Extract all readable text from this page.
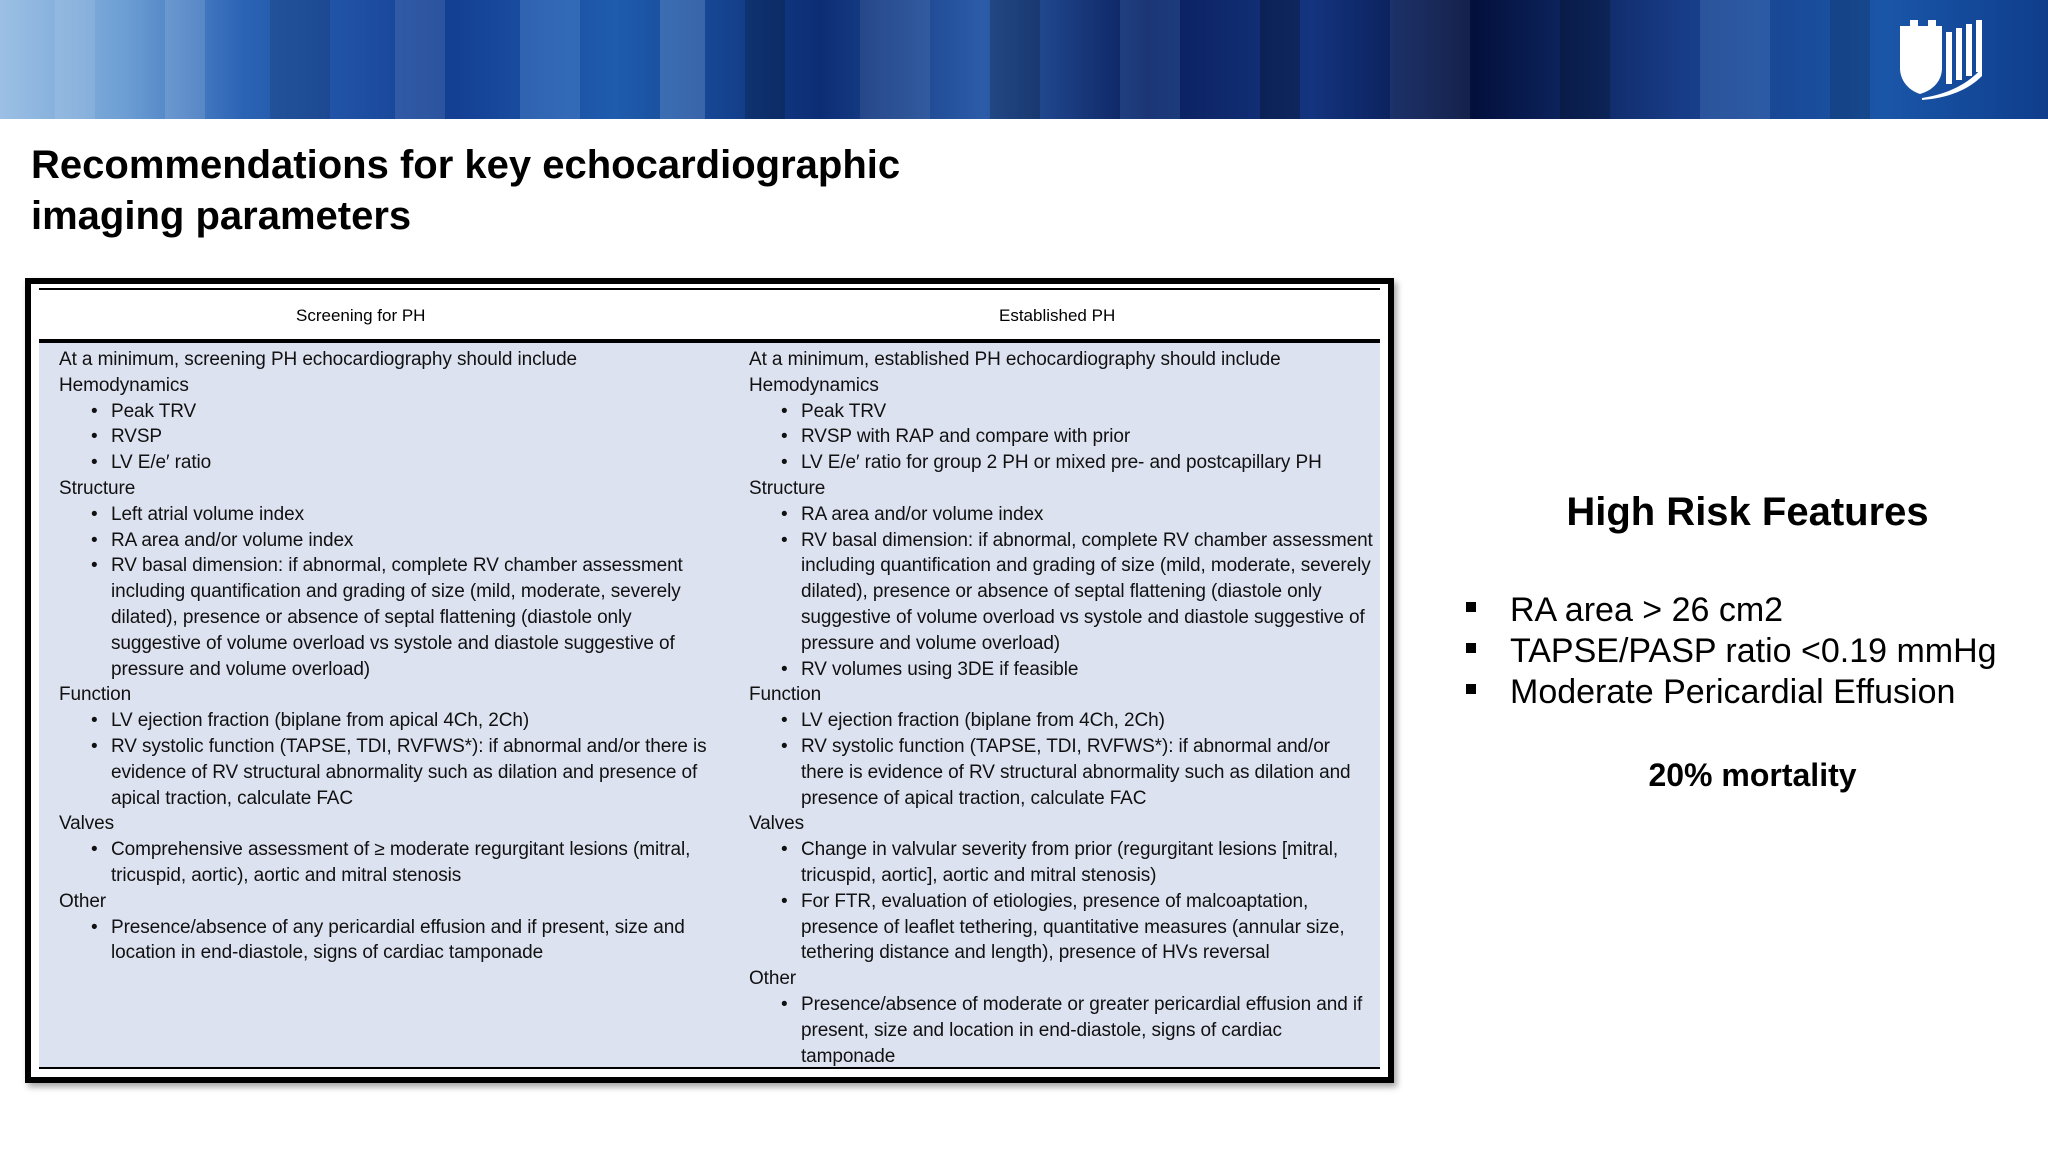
Recommendations for key echocardiographic imaging parameters
Screening for PH	Established PH
At a minimum, screening PH echocardiography should include
Hemodynamics
• Peak TRV
• RVSP
• LV E/e′ ratio
Structure
• Left atrial volume index
• RA area and/or volume index
• RV basal dimension: if abnormal, complete RV chamber assessment including quantification and grading of size (mild, moderate, severely dilated), presence or absence of septal flattening (diastole only suggestive of volume overload vs systole and diastole suggestive of pressure and volume overload)
Function
• LV ejection fraction (biplane from apical 4Ch, 2Ch)
• RV systolic function (TAPSE, TDI, RVFWS*): if abnormal and/or there is evidence of RV structural abnormality such as dilation and presence of apical traction, calculate FAC
Valves
• Comprehensive assessment of ≥ moderate regurgitant lesions (mitral, tricuspid, aortic), aortic and mitral stenosis
Other
• Presence/absence of any pericardial effusion and if present, size and location in end-diastole, signs of cardiac tamponade
At a minimum, established PH echocardiography should include
Hemodynamics
• Peak TRV
• RVSP with RAP and compare with prior
• LV E/e′ ratio for group 2 PH or mixed pre- and postcapillary PH
Structure
• RA area and/or volume index
• RV basal dimension: if abnormal, complete RV chamber assessment including quantification and grading of size (mild, moderate, severely dilated), presence or absence of septal flattening (diastole only suggestive of volume overload vs systole and diastole suggestive of pressure and volume overload)
• RV volumes using 3DE if feasible
Function
• LV ejection fraction (biplane from 4Ch, 2Ch)
• RV systolic function (TAPSE, TDI, RVFWS*): if abnormal and/or there is evidence of RV structural abnormality such as dilation and presence of apical traction, calculate FAC
Valves
• Change in valvular severity from prior (regurgitant lesions [mitral, tricuspid, aortic], aortic and mitral stenosis)
• For FTR, evaluation of etiologies, presence of malcoaptation, presence of leaflet tethering, quantitative measures (annular size, tethering distance and length), presence of HVs reversal
Other
• Presence/absence of moderate or greater pericardial effusion and if present, size and location in end-diastole, signs of cardiac tamponade
High Risk Features
RA area > 26 cm2
TAPSE/PASP ratio <0.19 mmHg
Moderate Pericardial Effusion
20% mortality
